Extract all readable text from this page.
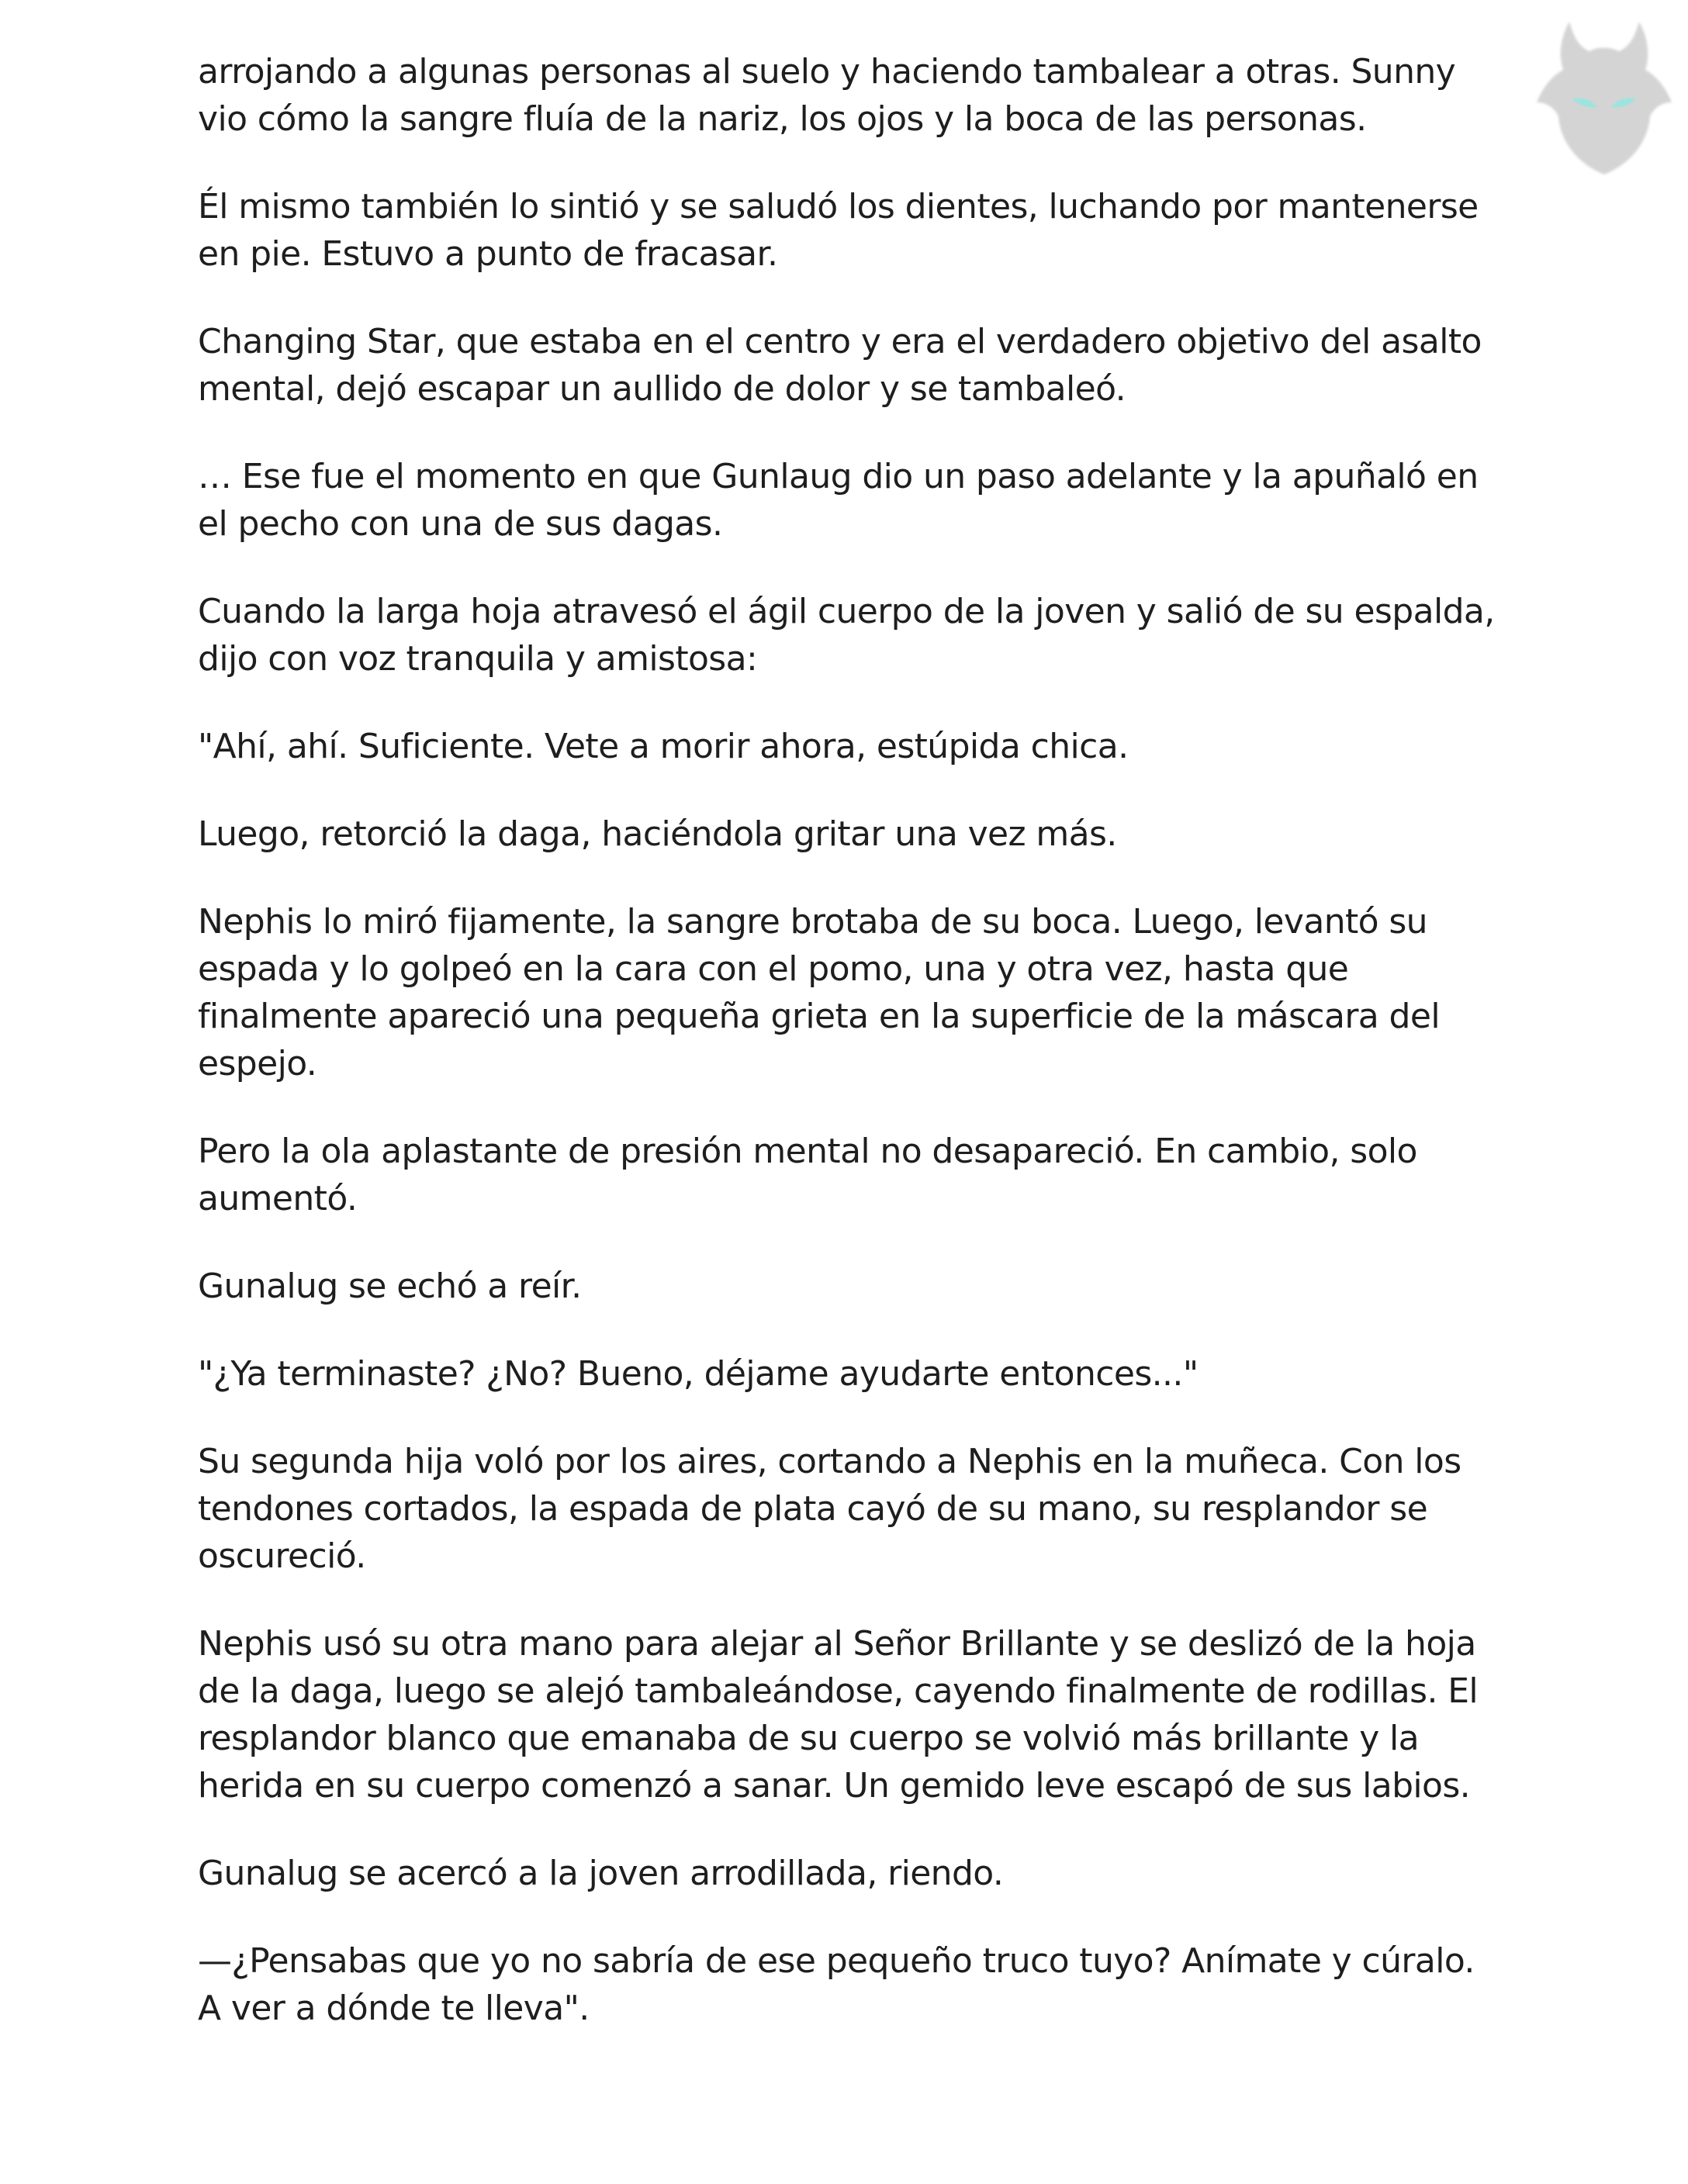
arrojando a algunas personas al suelo y haciendo tambalear a otras. Sunny vio cómo la sangre fluía de la nariz, los ojos y la boca de las personas.

Él mismo también lo sintió y se saludó los dientes, luchando por mantenerse en pie. Estuvo a punto de fracasar.

Changing Star, que estaba en el centro y era el verdadero objetivo del asalto mental, dejó escapar un aullido de dolor y se tambaleó.

… Ese fue el momento en que Gunlaug dio un paso adelante y la apuñaló en el pecho con una de sus dagas.

Cuando la larga hoja atravesó el ágil cuerpo de la joven y salió de su espalda, dijo con voz tranquila y amistosa:

"Ahí, ahí. Suficiente. Vete a morir ahora, estúpida chica.

Luego, retorció la daga, haciéndola gritar una vez más.

Nephis lo miró fijamente, la sangre brotaba de su boca. Luego, levantó su espada y lo golpeó en la cara con el pomo, una y otra vez, hasta que finalmente apareció una pequeña grieta en la superficie de la máscara del espejo.

Pero la ola aplastante de presión mental no desapareció. En cambio, solo aumentó.

Gunalug se echó a reír.

"¿Ya terminaste? ¿No? Bueno, déjame ayudarte entonces..."

Su segunda hija voló por los aires, cortando a Nephis en la muñeca. Con los tendones cortados, la espada de plata cayó de su mano, su resplandor se oscureció.

Nephis usó su otra mano para alejar al Señor Brillante y se deslizó de la hoja de la daga, luego se alejó tambaleándose, cayendo finalmente de rodillas. El resplandor blanco que emanaba de su cuerpo se volvió más brillante y la herida en su cuerpo comenzó a sanar. Un gemido leve escapó de sus labios.

Gunalug se acercó a la joven arrodillada, riendo.

—¿Pensabas que yo no sabría de ese pequeño truco tuyo? Anímate y cúralo. A ver a dónde te lleva".
